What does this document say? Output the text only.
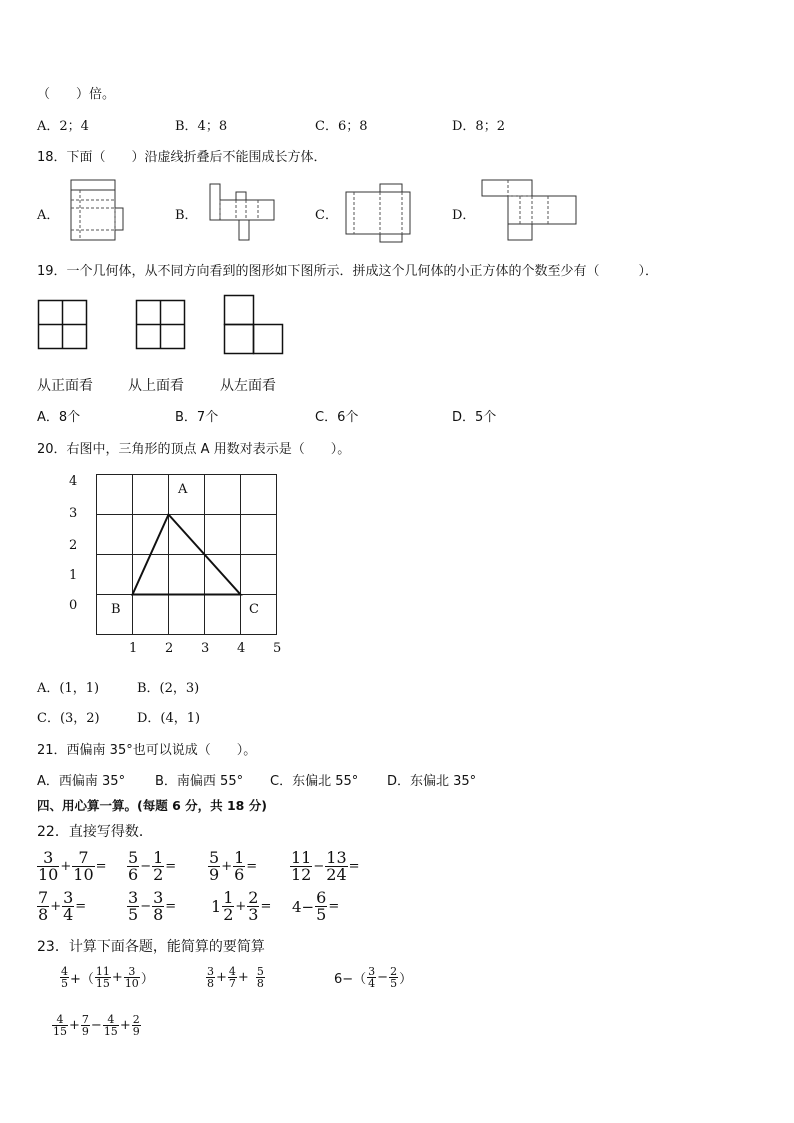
（　　）倍。
A．2；4	B．4；8	C．6；8	D．8；2
18．下面（　　）沿虚线折叠后不能围成长方体．
A．	B．	C．	D．
19．一个几何体，从不同方向看到的图形如下图所示．拼成这个几何体的小正方体的个数至少有（　　　）．
从正面看	从上面看	从左面看
A．8个	B．7个	C．6个	D．5个
20．右图中，三角形的顶点 A 用数对表示是（　　）。
4
3
2
1
0
1 2 3 4 5
A
B	C
A．(1，1)	B．(2，3)
C．(3，2)	D．(4，1)
21．西偏南 35°也可以说成（　　）。
A．西偏南 35° B．南偏西 55° C．东偏北 55° D．东偏北 35°
四、用心算一算。(每题 6 分，共 18 分)
22．直接写得数．
$\frac{3}{10} + \frac{7}{10} = \frac{5}{6} - \frac{1}{2} = \frac{5}{9} + \frac{1}{6} = \frac{11}{12} - \frac{13}{24}$ =
$\frac{7}{8} + \frac{3}{4}$ =	$\frac{3}{5} - \frac{3}{8} = 1 \frac{1}{2} + \frac{2}{3} = 4- \frac{6}{5}$ =
23．计算下面各题，能简算的要简算
$\frac{4}{5}$ +（ $\frac{11}{15} + \frac{3}{10}$ ）	$\frac{3}{8} + \frac{4}{7} + \frac{5}{8}$	$6-( \frac{3}{4} - \frac{2}{5}$ ）
$\frac{4}{15} + \frac{7}{9} - \frac{4}{15} + \frac{2}{9}$
